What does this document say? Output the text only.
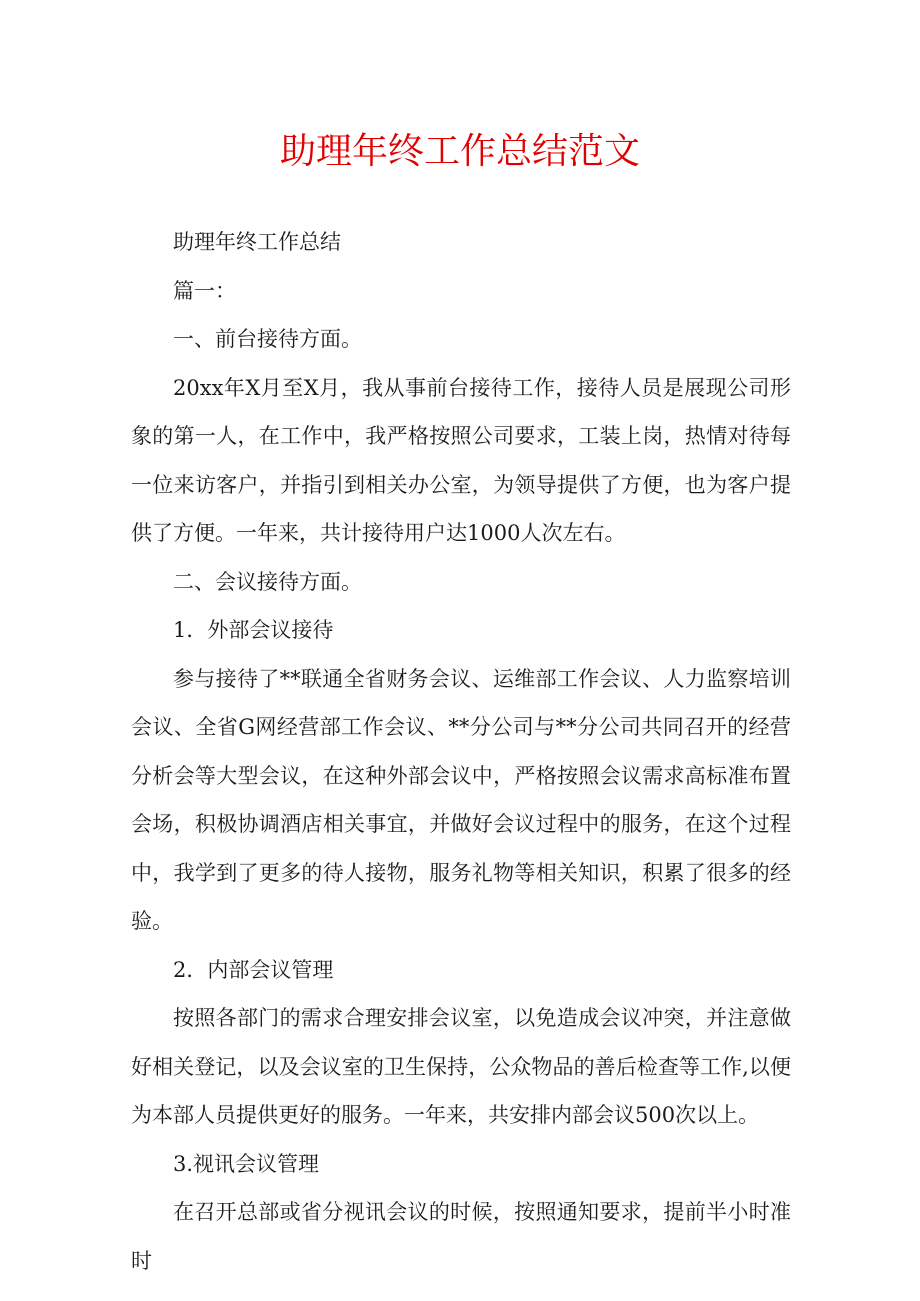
助理年终工作总结范文

助理年终工作总结

篇一：

一、前台接待方面。

20xx年X月至X月，我从事前台接待工作，接待人员是展现公司形象的第一人，在工作中，我严格按照公司要求，工装上岗，热情对待每一位来访客户，并指引到相关办公室，为领导提供了方便，也为客户提供了方便。一年来，共计接待用户达1000人次左右。

二、会议接待方面。

1．外部会议接待

参与接待了**联通全省财务会议、运维部工作会议、人力监察培训会议、全省G网经营部工作会议、**分公司与**分公司共同召开的经营分析会等大型会议，在这种外部会议中，严格按照会议需求高标准布置会场，积极协调酒店相关事宜，并做好会议过程中的服务，在这个过程中，我学到了更多的待人接物，服务礼物等相关知识，积累了很多的经验。

2．内部会议管理

按照各部门的需求合理安排会议室，以免造成会议冲突，并注意做好相关登记，以及会议室的卫生保持，公众物品的善后检查等工作,以便为本部人员提供更好的服务。一年来，共安排内部会议500次以上。

3.视讯会议管理

在召开总部或省分视讯会议的时候，按照通知要求，提前半小时准时
